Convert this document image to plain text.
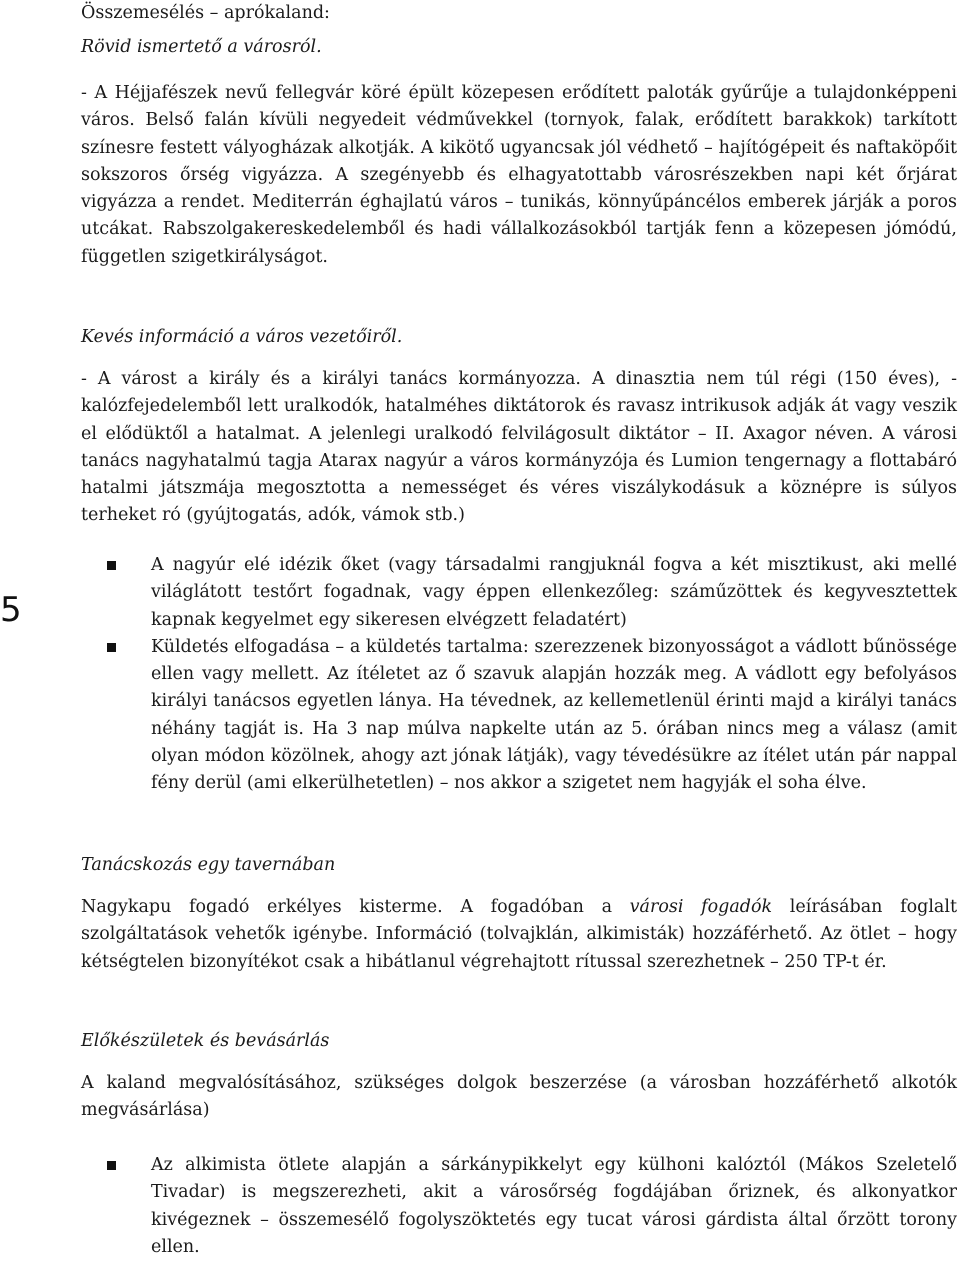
5
Összemesélés – aprókaland:
Rövid ismertető a városról.

- A Héjjafészek nevű fellegvár köré épült közepesen erődített paloták gyűrűje a tulajdonképpeni város. Belső falán kívüli negyedeit védművekkel (tornyok, falak, erődített barakkok) tarkított színesre festett vályogházak alkotják. A kikötő ugyancsak jól védhető – hajítógépeit és naftaköpőit sokszoros őrség vigyázza. A szegényebb és elhagyatottabb városrészekben napi két őrjárat vigyázza a rendet. Mediterrán éghajlatú város – tunikás, könnyűpáncélos emberek járják a poros utcákat. Rabszolgakereskedelemből és hadi vállalkozásokból tartják fenn a közepesen jómódú, független szigetkirályságot.

Kevés információ a város vezetőiről.

- A várost a király és a királyi tanács kormányozza. A dinasztia nem túl régi (150 éves), - kalózfejedelemből lett uralkodók, hatalméhes diktátorok és ravasz intrikusok adják át vagy veszik el elődüktől a hatalmat. A jelenlegi uralkodó felvilágosult diktátor – II. Axagor néven. A városi tanács nagyhatalmú tagja Atarax nagyúr a város kormányzója és Lumion tengernagy a flottabáró hatalmi játszmája megosztotta a nemességet és véres viszálykodásuk a köznépre is súlyos terheket ró (gyújtogatás, adók, vámok stb.)

A nagyúr elé idézik őket (vagy társadalmi rangjuknál fogva a két misztikust, aki mellé világlátott testőrt fogadnak, vagy éppen ellenkezőleg: száműzöttek és kegyvesztettek kapnak kegyelmet egy sikeresen elvégzett feladatért)
Küldetés elfogadása – a küldetés tartalma: szerezzenek bizonyosságot a vádlott bűnössége ellen vagy mellett. Az ítéletet az ő szavuk alapján hozzák meg. A vádlott egy befolyásos királyi tanácsos egyetlen lánya. Ha tévednek, az kellemetlenül érinti majd a királyi tanács néhány tagját is. Ha 3 nap múlva napkelte után az 5. órában nincs meg a válasz (amit olyan módon közölnek, ahogy azt jónak látják), vagy tévedésükre az ítélet után pár nappal fény derül (ami elkerülhetetlen) – nos akkor a szigetet nem hagyják el soha élve.
Tanácskozás egy tavernában

Nagykapu fogadó erkélyes kisterme. A fogadóban a városi fogadók leírásában foglalt szolgáltatások vehetők igénybe. Információ (tolvajklán, alkimisták) hozzáférhető. Az ötlet – hogy kétségtelen bizonyítékot csak a hibátlanul végrehajtott rítussal szerezhetnek – 250 TP-t ér.

Előkészületek és bevásárlás

A kaland megvalósításához, szükséges dolgok beszerzése (a városban hozzáférhető alkotók megvásárlása)

Az alkimista ötlete alapján a sárkánypikkelyt egy külhoni kalóztól (Mákos Szeletelő Tivadar) is megszerezheti, akit a városőrség fogdájában őriznek, és alkonyatkor kivégeznek – összemesélő fogolyszöktetés egy tucat városi gárdista által őrzött torony ellen.
